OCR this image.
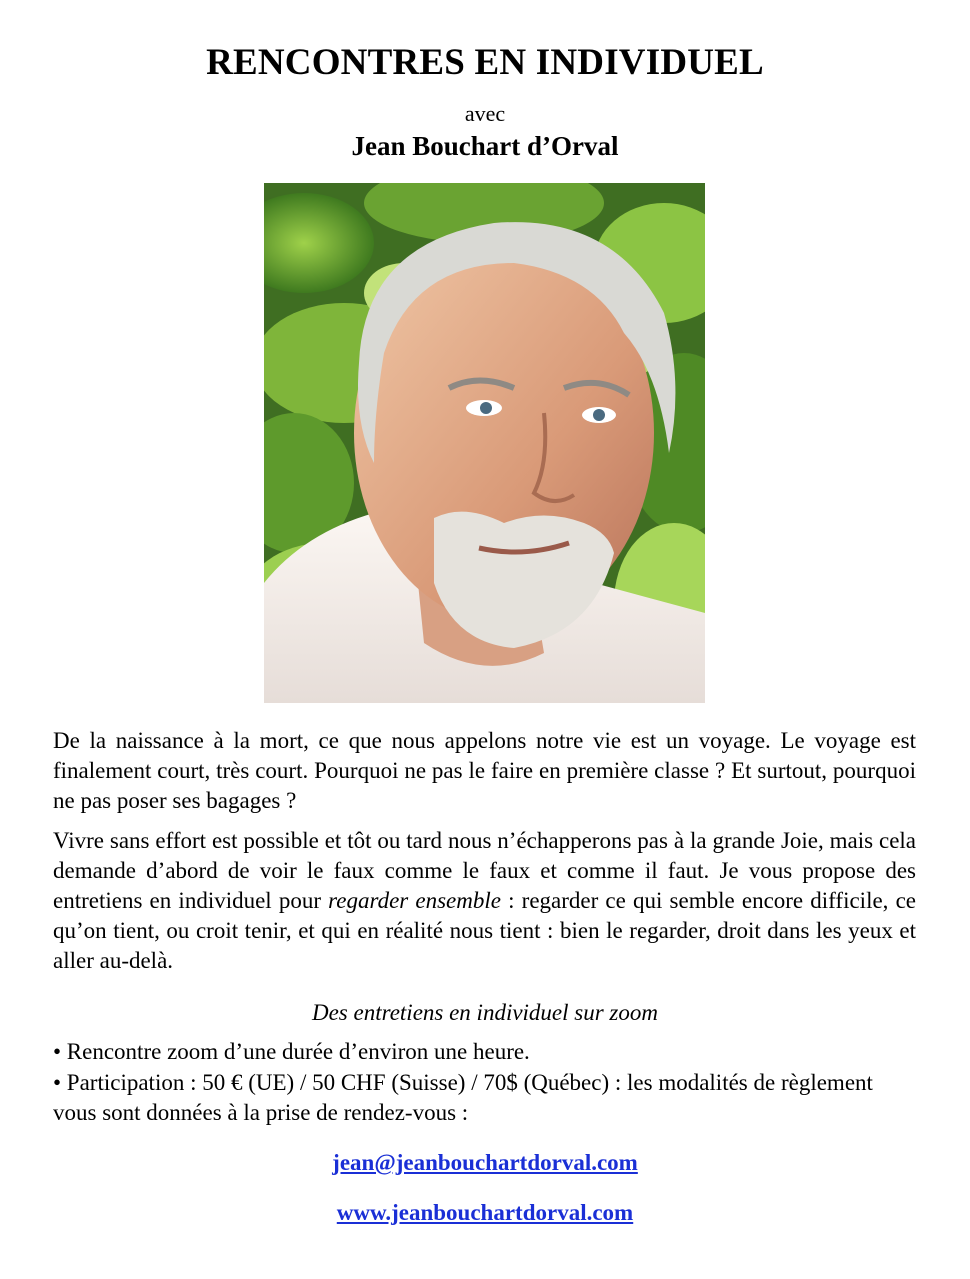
RENCONTRES EN INDIVIDUEL
avec
Jean Bouchart d’Orval

De la naissance à la mort, ce que nous appelons notre vie est un voyage. Le voyage est finalement court, très court. Pourquoi ne pas le faire en première classe ? Et surtout, pourquoi ne pas poser ses bagages ?

Vivre sans effort est possible et tôt ou tard nous n’échapperons pas à la grande Joie, mais cela demande d’abord de voir le faux comme le faux et comme il faut. Je vous propose des entretiens en individuel pour regarder ensemble : regarder ce qui semble encore difficile, ce qu’on tient, ou croit tenir, et qui en réalité nous tient : bien le regarder, droit dans les yeux et aller au-delà.

Des entretiens en individuel sur zoom

• Rencontre zoom d’une durée d’environ une heure.

• Participation : 50 € (UE) / 50 CHF (Suisse) / 70$ (Québec) : les modalités de règlement vous sont données à la prise de rendez-vous :

jean@jeanbouchartdorval.com
www.jeanbouchartdorval.com
